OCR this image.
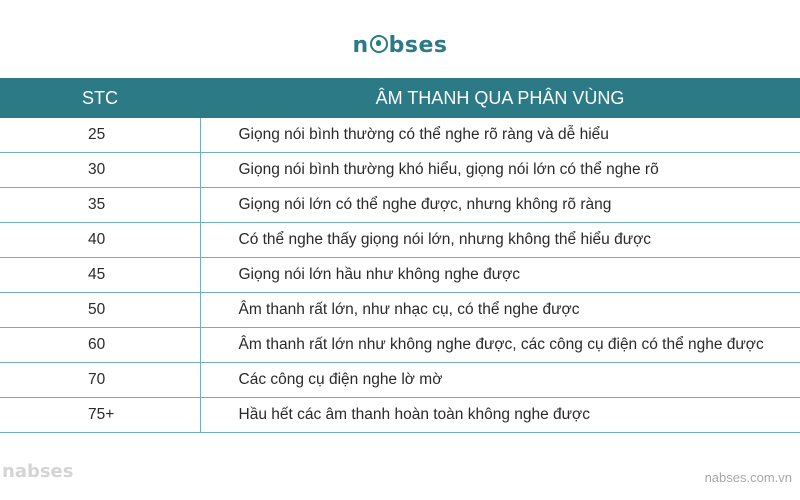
n bses
STC	ÂM THANH QUA PHÂN VÙNG
25	Giọng nói bình thường có thể nghe rõ ràng và dễ hiểu
30	Giọng nói bình thường khó hiểu, giọng nói lớn có thể nghe rõ
35	Giọng nói lớn có thể nghe được, nhưng không rõ ràng
40	Có thể nghe thấy giọng nói lớn, nhưng không thể hiểu được
45	Giọng nói lớn hầu như không nghe được
50	Âm thanh rất lớn, như nhạc cụ, có thể nghe được
60	Âm thanh rất lớn như không nghe được, các công cụ điện có thể nghe được
70	Các công cụ điện nghe lờ mờ
75+	Hầu hết các âm thanh hoàn toàn không nghe được
nabses	nabses.com.vn
